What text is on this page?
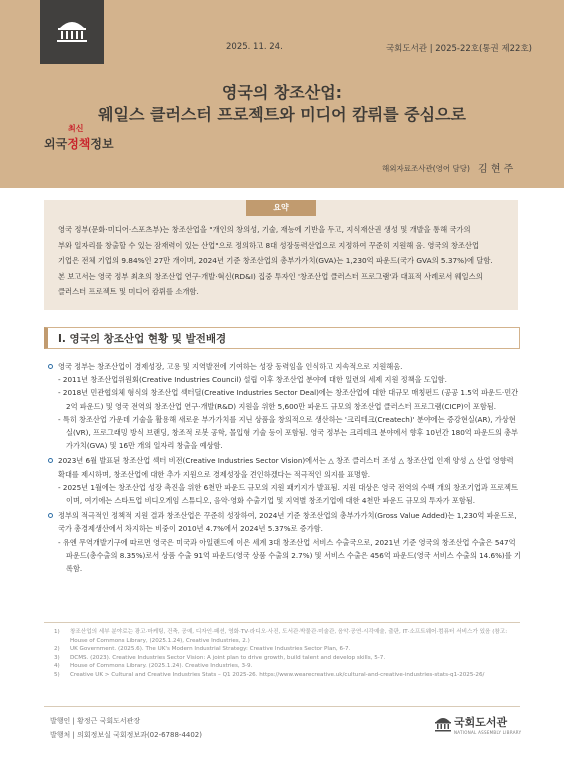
2025. 11. 24.	국회도서관 | 2025-22호(통권 제22호)
영국의 창조산업:
웨일스 클러스터 프로젝트와 미디어 캄뤼를 중심으로
최신
외국정책정보
해외자료조사관(영어 담당) 김 현 주
요약
영국 정부(문화·미디어·스포츠부)는 창조산업을 "개인의 창의성, 기술, 재능에 기반을 두고, 지식재산권 생성 및 개발을 통해 국가의
부와 일자리를 창출할 수 있는 잠재력이 있는 산업"으로 정의하고 8대 성장동력산업으로 지정하여 꾸준히 지원해 옴. 영국의 창조산업
기업은 전체 기업의 9.84%인 27만 개이며, 2024년 기준 창조산업의 총부가가치(GVA)는 1,230억 파운드(국가 GVA의 5.37%)에 달함.
본 보고서는 영국 정부 최초의 창조산업 연구·개발·혁신(RD&I) 집중 투자인 '창조산업 클러스터 프로그램'과 대표적 사례로서 웨일스의
클러스터 프로젝트 및 미디어 캄뤼를 소개함.
Ⅰ. 영국의 창조산업 현황 및 발전배경
영국 정부는 창조산업이 경제성장, 고용 및 지역발전에 기여하는 성장 동력임을 인식하고 지속적으로 지원해옴.
- 2011년 창조산업위원회(Creative Industries Council) 설립 이후 창조산업 분야에 대한 일련의 세제 지원 정책을 도입함.
- 2018년 민관협의체 형식의 창조산업 섹터딜(Creative Industries Sector Deal)에는 창조산업에 대한 대규모 매칭펀드 (공공 1.5억 파운드·민간 2억 파운드) 및 영국 전역의 창조산업 연구·개발(R&D) 지원을 위한 5,600만 파운드 규모의 창조산업 클러스터 프로그램(CICP)이 포함됨.
- 특히 창조산업 가운데 기술을 활용해 새로운 부가가치를 지닌 상품을 창의적으로 생산하는 '크리테크(Createch)' 분야에는 증강현실(AR), 가상현실(VR), 프로그래밍 방식 브랜딩, 창조적 로봇 공학, 몰입형 기술 등이 포함됨. 영국 정부는 크리테크 분야에서 향후 10년간 180억 파운드의 총부가가치(GVA) 및 16만 개의 일자리 창출을 예상함.
2023년 6월 발표된 창조산업 섹터 비전(Creative Industries Sector Vision)에서는 △ 창조 클러스터 조성 △ 창조산업 인재 양성 △ 산업 영향력 확대를 제시하며, 창조산업에 대한 추가 지원으로 경제성장을 견인하겠다는 적극적인 의지를 표명함.
- 2025년 1월에는 창조산업 성장 촉진을 위한 6천만 파운드 규모의 지원 패키지가 발표됨. 지원 대상은 영국 전역의 수백 개의 창조기업과 프로젝트이며, 여기에는 스타트업 비디오게임 스튜디오, 음악·영화 수출기업 및 지역별 창조기업에 대한 4천만 파운드 규모의 투자가 포함됨.
정부의 적극적인 정책적 지원 결과 창조산업은 꾸준히 성장하여, 2024년 기준 창조산업의 총부가가치(Gross Value Added)는 1,230억 파운드로, 국가 총경제생산에서 차지하는 비중이 2010년 4.7%에서 2024년 5.37%로 증가함.
- 유엔 무역개발기구에 따르면 영국은 미국과 아일랜드에 이은 세계 3대 창조산업 서비스 수출국으로, 2021년 기준 영국의 창조산업 수출은 547억 파운드(총수출의 8.35%)로서 상품 수출 91억 파운드(영국 상품 수출의 2.7%) 및 서비스 수출은 456억 파운드(영국 서비스 수출의 14.6%)를 기록함.
1) 창조산업의 세부 분야로는 광고·마케팅, 건축, 공예, 디자인·패션, 영화·TV·라디오·사진, 도서관·박물관·미술관, 음악·공연·시각예술, 출판, IT·소프트웨어·컴퓨터 서비스가 있음 (참고: House of Commons Library, (2025.1.24), Creative Industries, 2.)
2) UK Government. (2025.6). The UK's Modern Industrial Strategy: Creative Industries Sector Plan, 6-7.
3) DCMS. (2023). Creative Industries Sector Vision: A joint plan to drive growth, build talent and develop skills, 5-7.
4) House of Commons Library. (2025.1.24). Creative Industries, 3-9.
5) Creative UK > Cultural and Creative Industries Stats – Q1 2025-26. https://www.wearecreative.uk/cultural-and-creative-industries-stats-q1-2025-26/
발행인 | 황정근 국회도서관장
발행처 | 의회정보실 국회정보과(02-6788-4402)
국회도서관
NATIONAL ASSEMBLY LIBRARY
